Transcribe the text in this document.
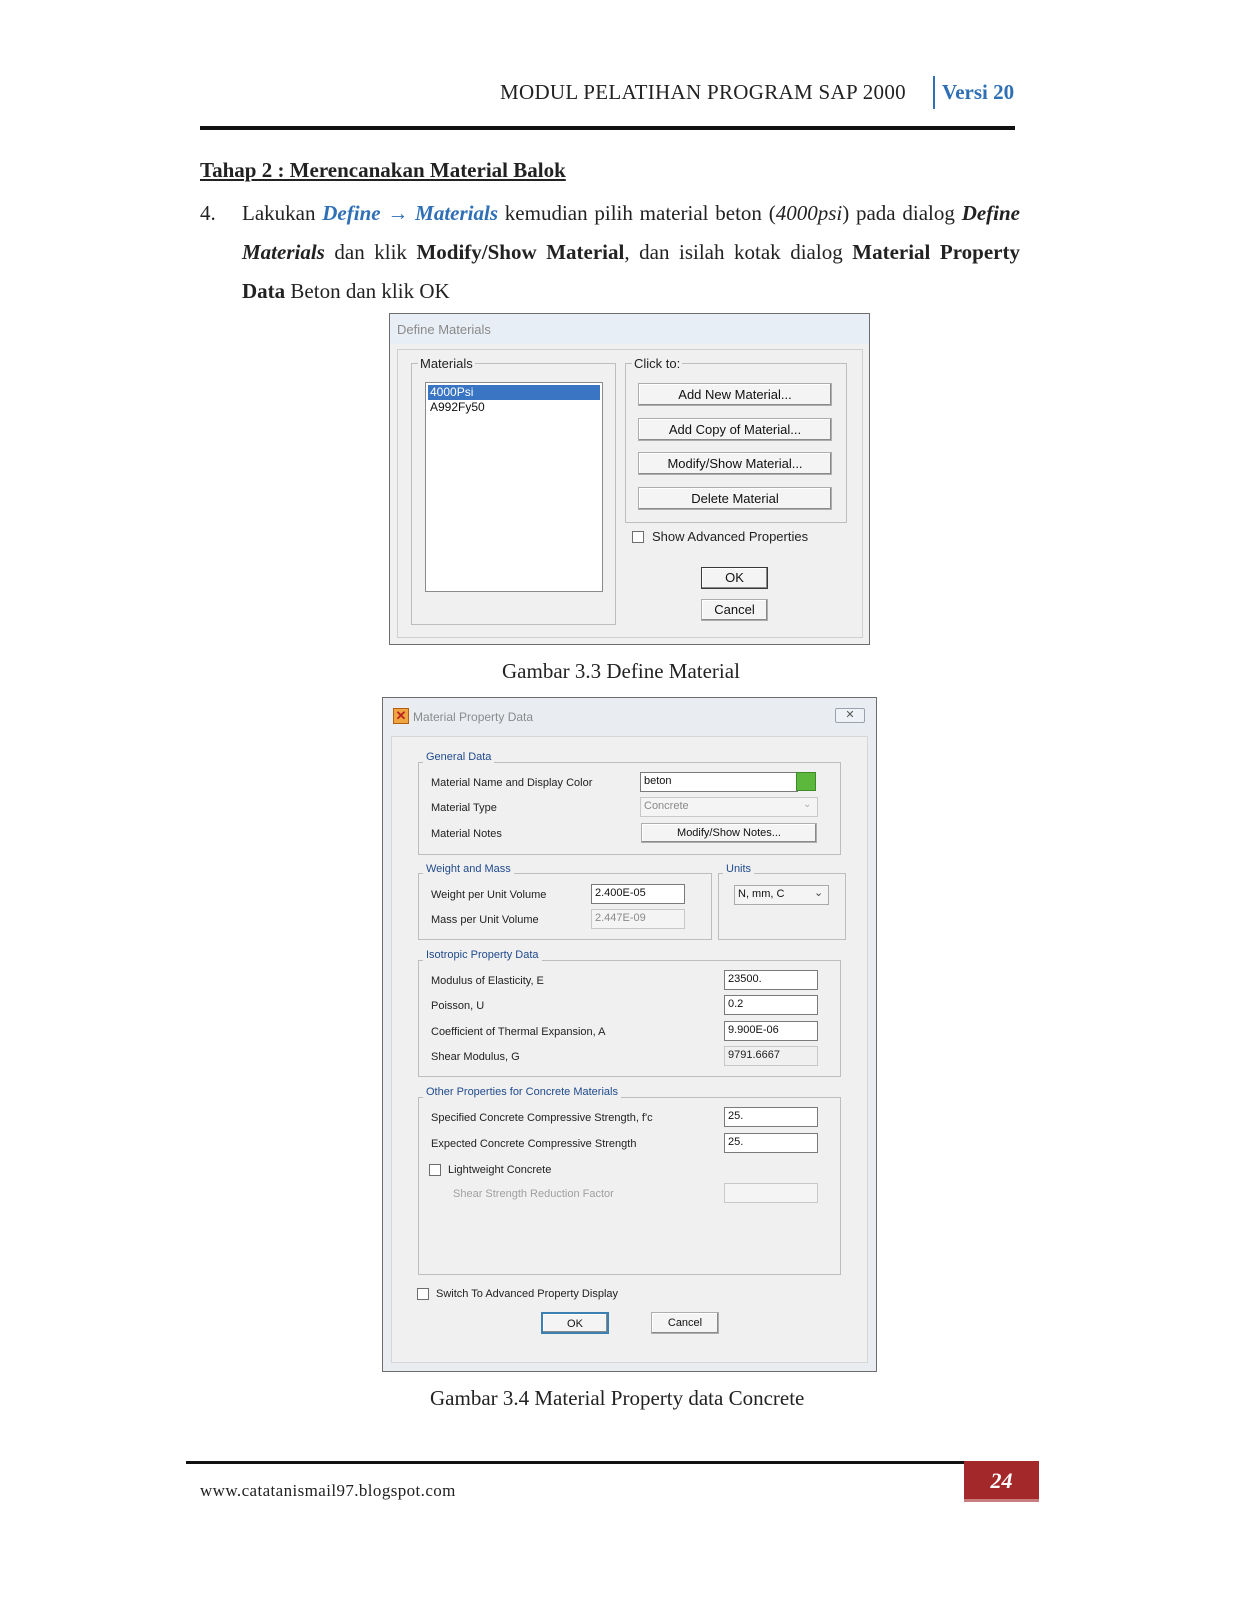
MODUL PELATIHAN PROGRAM SAP 2000 Versi 20
Tahap 2 : Merencanakan Material Balok
4. Lakukan Define → Materials kemudian pilih material beton (4000psi) pada dialog Define Materials dan klik Modify/Show Material, dan isilah kotak dialog Material Property Data Beton dan klik OK
Define Materials
Materials
4000Psi
A992Fy50
Click to:
Add New Material...
Add Copy of Material...
Modify/Show Material...
Delete Material
Show Advanced Properties
OK
Cancel
Gambar 3.3 Define Material
✕ Material Property Data	✕
General Data
Material Name and Display Color	beton
Material Type	Concrete	⌄
Material Notes	Modify/Show Notes...
Weight and Mass
Weight per Unit Volume	2.400E-05
Mass per Unit Volume	2.447E-09
Units
N, mm, C	⌄
Isotropic Property Data
Modulus of Elasticity, E	23500.
Poisson, U	0.2
Coefficient of Thermal Expansion, A	9.900E-06
Shear Modulus, G	9791.6667
Other Properties for Concrete Materials
Specified Concrete Compressive Strength, f'c	25.
Expected Concrete Compressive Strength	25.
Lightweight Concrete
Shear Strength Reduction Factor
Switch To Advanced Property Display
OK	Cancel
Gambar 3.4 Material Property data Concrete
www.catatanismail97.blogspot.com	24
